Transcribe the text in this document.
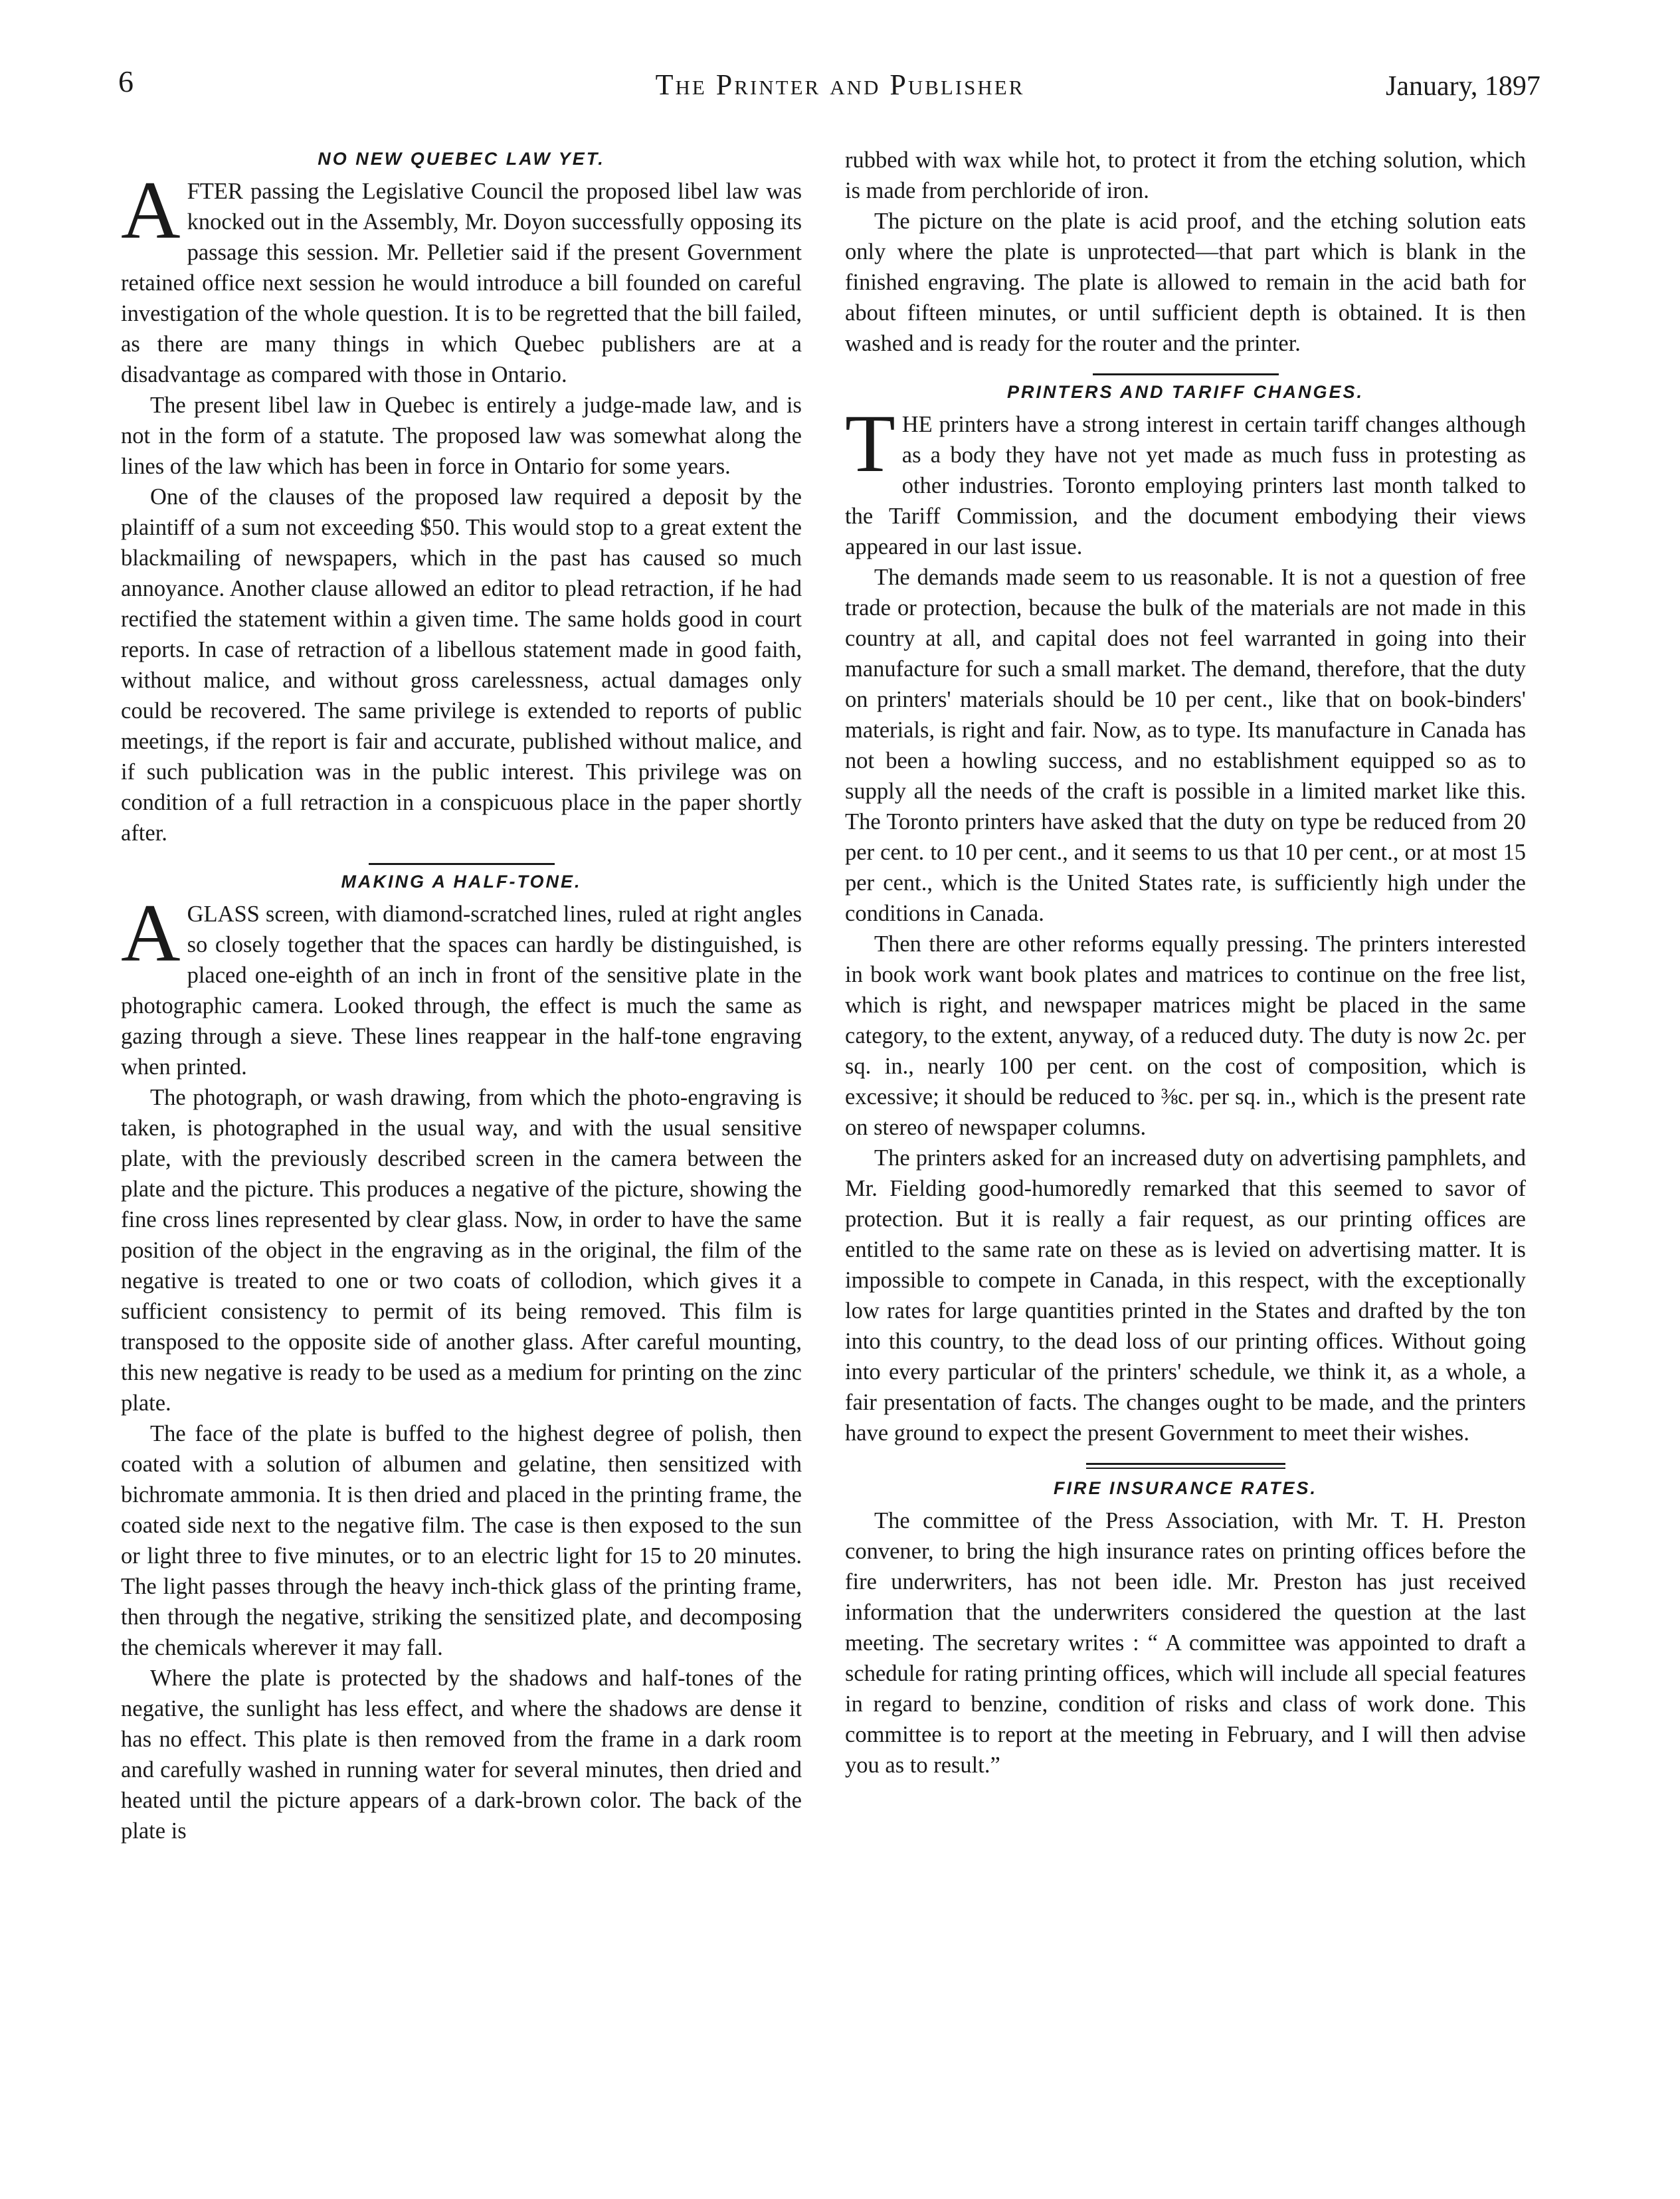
6	The Printer and Publisher	January, 1897
NO NEW QUEBEC LAW YET.

AFTER passing the Legislative Council the proposed libel law was knocked out in the Assembly, Mr. Doyon successfully opposing its passage this session. Mr. Pelletier said if the present Government retained office next session he would introduce a bill founded on careful investigation of the whole question. It is to be regretted that the bill failed, as there are many things in which Quebec publishers are at a disadvantage as compared with those in Ontario.

The present libel law in Quebec is entirely a judge-made law, and is not in the form of a statute. The proposed law was somewhat along the lines of the law which has been in force in Ontario for some years.

One of the clauses of the proposed law required a deposit by the plaintiff of a sum not exceeding $50. This would stop to a great extent the blackmailing of newspapers, which in the past has caused so much annoyance. Another clause allowed an editor to plead retraction, if he had rectified the statement within a given time. The same holds good in court reports. In case of retraction of a libellous statement made in good faith, without malice, and without gross carelessness, actual damages only could be recovered. The same privilege is extended to reports of public meetings, if the report is fair and accurate, published without malice, and if such publication was in the public interest. This privilege was on condition of a full retraction in a conspicuous place in the paper shortly after.

MAKING A HALF-TONE.

AGLASS screen, with diamond-scratched lines, ruled at right angles so closely together that the spaces can hardly be distinguished, is placed one-eighth of an inch in front of the sensitive plate in the photographic camera. Looked through, the effect is much the same as gazing through a sieve. These lines reappear in the half-tone engraving when printed.

The photograph, or wash drawing, from which the photo-engraving is taken, is photographed in the usual way, and with the usual sensitive plate, with the previously described screen in the camera between the plate and the picture. This produces a negative of the picture, showing the fine cross lines represented by clear glass. Now, in order to have the same position of the object in the engraving as in the original, the film of the negative is treated to one or two coats of collodion, which gives it a sufficient consistency to permit of its being removed. This film is transposed to the opposite side of another glass. After careful mounting, this new negative is ready to be used as a medium for printing on the zinc plate.

The face of the plate is buffed to the highest degree of polish, then coated with a solution of albumen and gelatine, then sensitized with bichromate ammonia. It is then dried and placed in the printing frame, the coated side next to the negative film. The case is then exposed to the sun or light three to five minutes, or to an electric light for 15 to 20 minutes. The light passes through the heavy inch-thick glass of the printing frame, then through the negative, striking the sensitized plate, and decomposing the chemicals wherever it may fall.

Where the plate is protected by the shadows and half-tones of the negative, the sunlight has less effect, and where the shadows are dense it has no effect. This plate is then removed from the frame in a dark room and carefully washed in running water for several minutes, then dried and heated until the picture appears of a dark-brown color. The back of the plate is

rubbed with wax while hot, to protect it from the etching solution, which is made from perchloride of iron.

The picture on the plate is acid proof, and the etching solution eats only where the plate is unprotected—that part which is blank in the finished engraving. The plate is allowed to remain in the acid bath for about fifteen minutes, or until sufficient depth is obtained. It is then washed and is ready for the router and the printer.

PRINTERS AND TARIFF CHANGES.

THE printers have a strong interest in certain tariff changes although as a body they have not yet made as much fuss in protesting as other industries. Toronto employing printers last month talked to the Tariff Commission, and the document embodying their views appeared in our last issue.

The demands made seem to us reasonable. It is not a question of free trade or protection, because the bulk of the materials are not made in this country at all, and capital does not feel warranted in going into their manufacture for such a small market. The demand, therefore, that the duty on printers' materials should be 10 per cent., like that on book-binders' materials, is right and fair. Now, as to type. Its manufacture in Canada has not been a howling success, and no establishment equipped so as to supply all the needs of the craft is possible in a limited market like this. The Toronto printers have asked that the duty on type be reduced from 20 per cent. to 10 per cent., and it seems to us that 10 per cent., or at most 15 per cent., which is the United States rate, is sufficiently high under the conditions in Canada.

Then there are other reforms equally pressing. The printers interested in book work want book plates and matrices to continue on the free list, which is right, and newspaper matrices might be placed in the same category, to the extent, anyway, of a reduced duty. The duty is now 2c. per sq. in., nearly 100 per cent. on the cost of composition, which is excessive; it should be reduced to ⅜c. per sq. in., which is the present rate on stereo of newspaper columns.

The printers asked for an increased duty on advertising pamphlets, and Mr. Fielding good-humoredly remarked that this seemed to savor of protection. But it is really a fair request, as our printing offices are entitled to the same rate on these as is levied on advertising matter. It is impossible to compete in Canada, in this respect, with the exceptionally low rates for large quantities printed in the States and drafted by the ton into this country, to the dead loss of our printing offices. Without going into every particular of the printers' schedule, we think it, as a whole, a fair presentation of facts. The changes ought to be made, and the printers have ground to expect the present Government to meet their wishes.

FIRE INSURANCE RATES.

The committee of the Press Association, with Mr. T. H. Preston convener, to bring the high insurance rates on printing offices before the fire underwriters, has not been idle. Mr. Preston has just received information that the underwriters considered the question at the last meeting. The secretary writes : “ A committee was appointed to draft a schedule for rating printing offices, which will include all special features in regard to benzine, condition of risks and class of work done. This committee is to report at the meeting in February, and I will then advise you as to result.”
